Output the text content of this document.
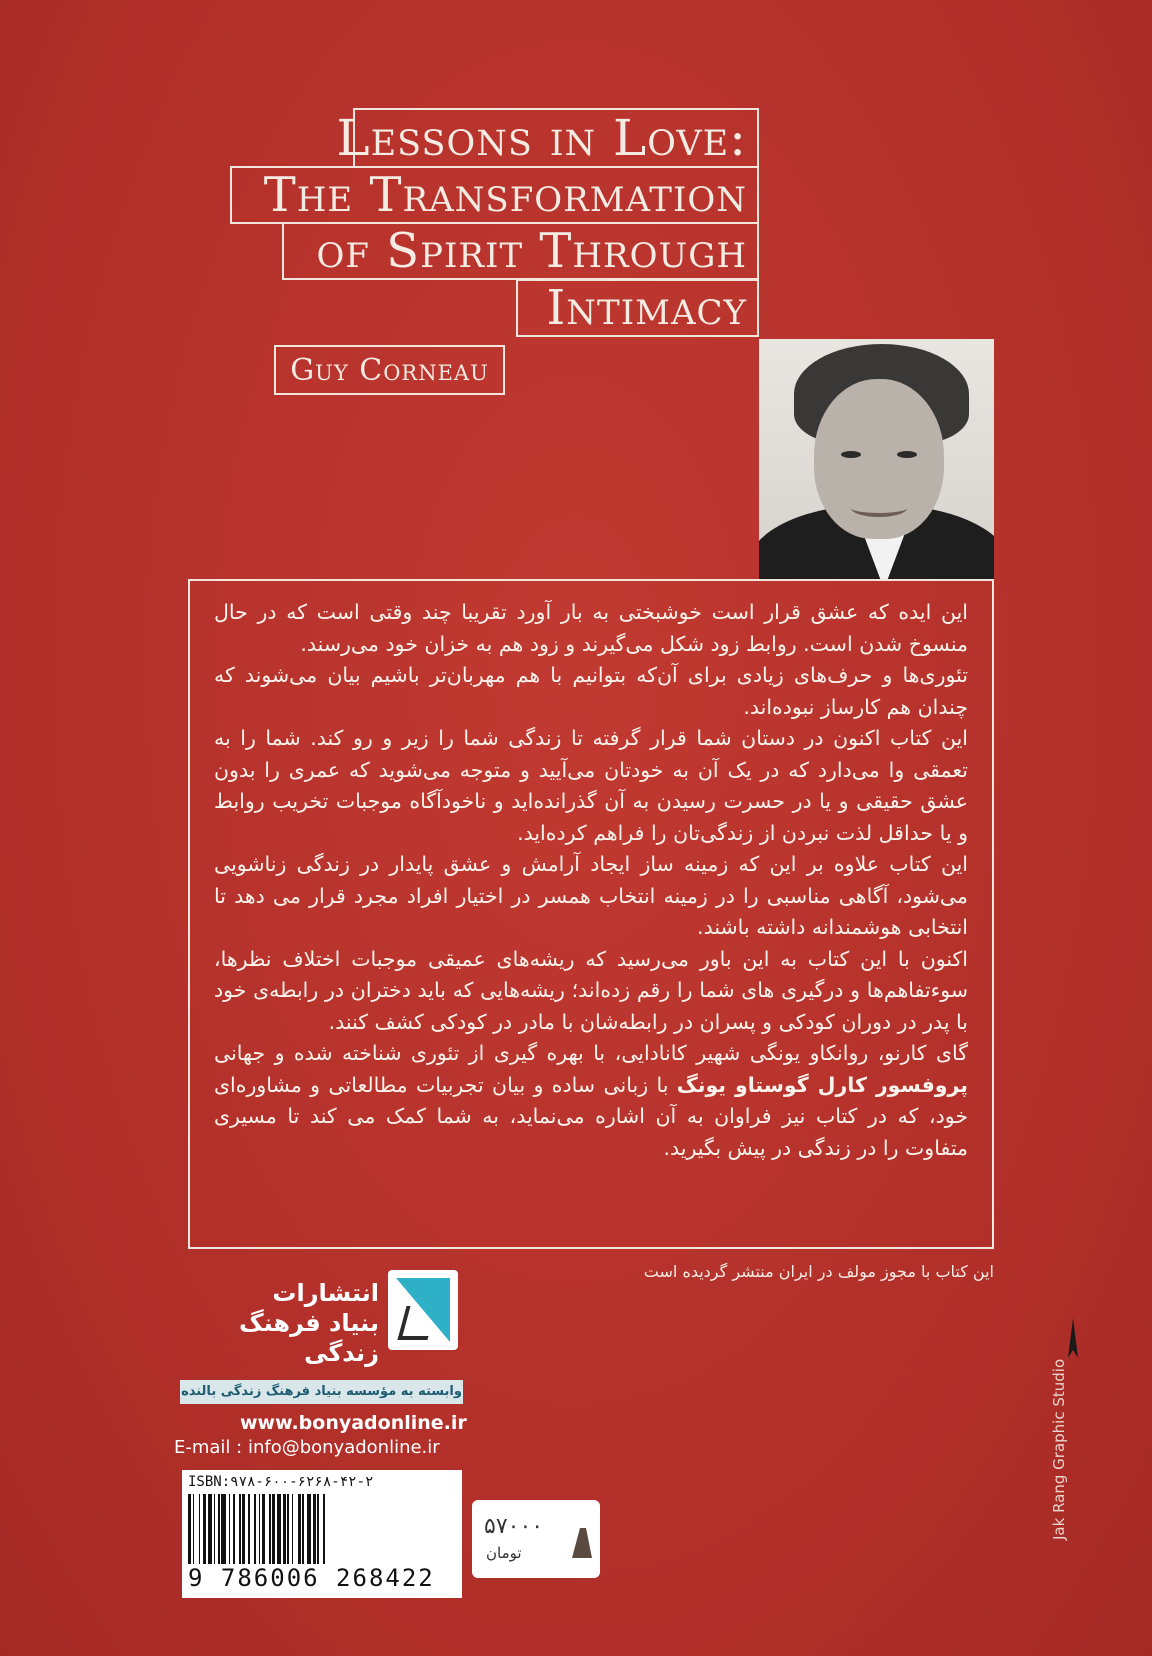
Lessons in Love:
The Transformation
of Spirit Through
Intimacy
Guy Corneau

این ایده که عشق قرار است خوشبختی به بار آورد تقریبا چند وقتی است که در حال منسوخ شدن است. روابط زود شکل می‌گیرند و زود هم به خزان خود می‌رسند.

تئوری‌ها و حرف‌های زیادی برای آن‌که بتوانیم با هم مهربان‌تر باشیم بیان می‌شوند که چندان هم کارساز نبوده‌اند.

این کتاب اکنون در دستان شما قرار گرفته تا زندگی شما را زیر و رو کند. شما را به تعمقی وا می‌دارد که در یک آن به خودتان می‌آیید و متوجه می‌شوید که عمری را بدون عشق حقیقی و یا در حسرت رسیدن به آن گذرانده‌اید و ناخودآگاه موجبات تخریب روابط و یا حداقل لذت نبردن از زندگی‌تان را فراهم کرده‌اید.

این کتاب علاوه بر این که زمینه ساز ایجاد آرامش و عشق پایدار در زندگی زناشویی می‌شود، آگاهی مناسبی را در زمینه انتخاب همسر در اختیار افراد مجرد قرار می دهد تا انتخابی هوشمندانه داشته باشند.

اکنون با این کتاب به این باور می‌رسید که ریشه‌های عمیقی موجبات اختلاف نظرها، سوءتفاهم‌ها و درگیری های شما را رقم زده‌اند؛ ریشه‌هایی که باید دختران در رابطه‌ی خود با پدر در دوران کودکی و پسران در رابطه‌شان با مادر در کودکی کشف کنند.

گای کارنو، روانکاو یونگی شهیر کانادایی، با بهره گیری از تئوری شناخته شده و جهانی پروفسور کارل گوستاو یونگ با زبانی ساده و بیان تجربیات مطالعاتی و مشاوره‌ای خود، که در کتاب نیز فراوان به آن اشاره می‌نماید، به شما کمک می کند تا مسیری متفاوت را در زندگی در پیش بگیرید.

این کتاب با مجوز مولف در ایران منتشر گردیده است
انتشارات
بنیاد فرهنگ زندگی
وابسته به مؤسسه بنیاد فرهنگ زندگی بالنده
www.bonyadonline.ir
E-mail : info@bonyadonline.ir
ISBN:۹۷۸-۶۰۰-۶۲۶۸-۴۲-۲
9 786006 268422
۵۷۰۰۰
تومان
Jak Rang Graphic Studio
